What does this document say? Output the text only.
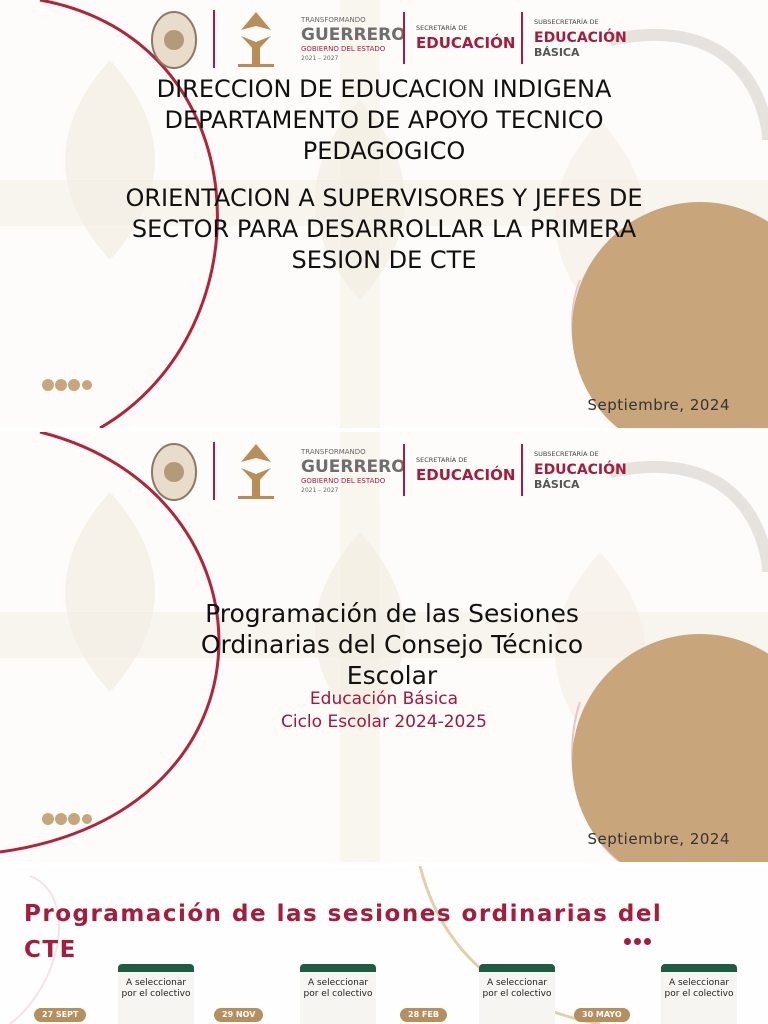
TRANSFORMANDO
GUERRERO
GOBIERNO DEL ESTADO
2021 – 2027
SECRETARÍA DE
EDUCACIÓN
SUBSECRETARÍA DE
EDUCACIÓN
BÁSICA
DIRECCION DE EDUCACION INDIGENA
DEPARTAMENTO DE APOYO TECNICO
PEDAGOGICO
ORIENTACION A SUPERVISORES Y JEFES DE
SECTOR PARA DESARROLLAR LA PRIMERA
SESION DE CTE
Septiembre, 2024
TRANSFORMANDO
GUERRERO
GOBIERNO DEL ESTADO
2021 – 2027
SECRETARÍA DE
EDUCACIÓN
SUBSECRETARÍA DE
EDUCACIÓN
BÁSICA
Programación de las Sesiones
Ordinarias del Consejo Técnico
Escolar
Educación Básica
Ciclo Escolar 2024-2025
Septiembre, 2024
Programación de las sesiones ordinarias del CTE
27 SEPT
A seleccionar por el colectivo
29 NOV
A seleccionar por el colectivo
28 FEB
A seleccionar por el colectivo
30 MAYO
A seleccionar por el colectivo
